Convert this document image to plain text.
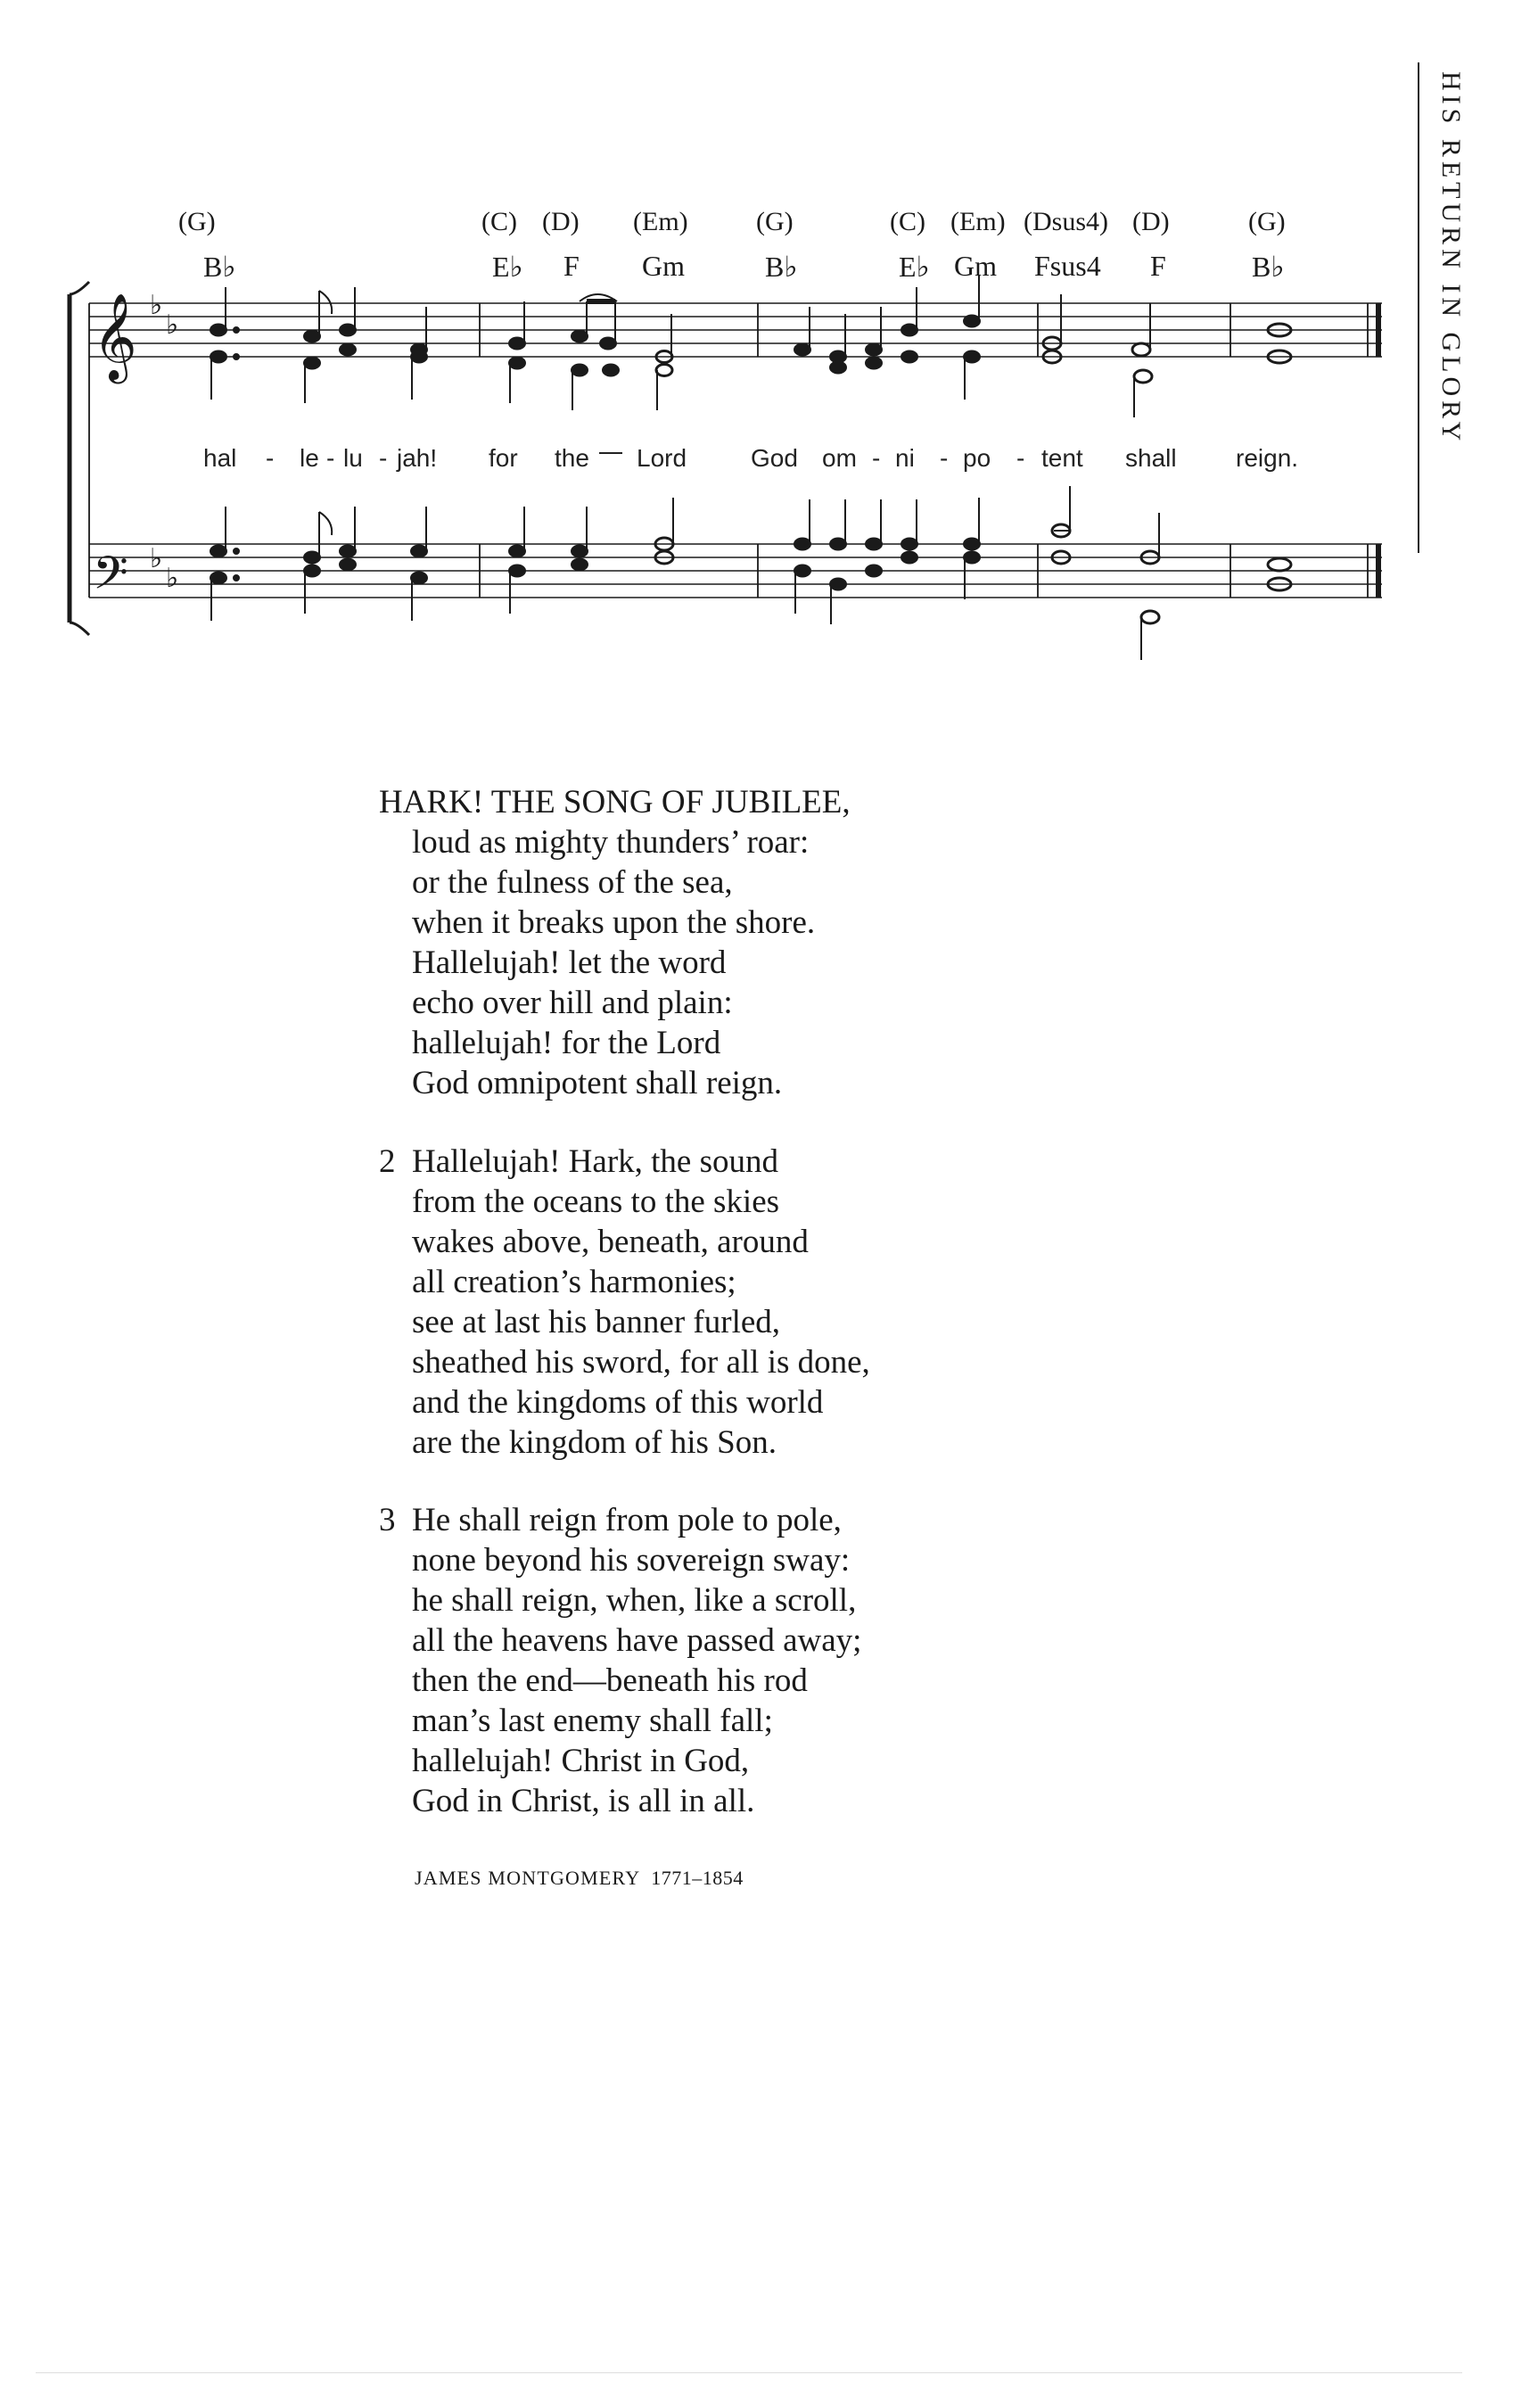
HIS RETURN IN GLORY
(G)	(C) (D) (Em)	(G)	(C) (Em) (Dsus4) (D)	(G)
B♭	E♭ F Gm	B♭	E♭ Gm Fsus4 F	B♭
𝄞
𝄢
♭
♭
♭
♭
hal - le - lu - jah! for the Lord	God om - ni - po - tent shall reign.
HARK! THE SONG OF JUBILEE,
loud as mighty thunders’ roar:
or the fulness of the sea,
when it breaks upon the shore.
Hallelujah! let the word
echo over hill and plain:
hallelujah! for the Lord
God omnipotent shall reign.
2 Hallelujah! Hark, the sound
from the oceans to the skies
wakes above, beneath, around
all creation’s harmonies;
see at last his banner furled,
sheathed his sword, for all is done,
and the kingdoms of this world
are the kingdom of his Son.
3 He shall reign from pole to pole,
none beyond his sovereign sway:
he shall reign, when, like a scroll,
all the heavens have passed away;
then the end—beneath his rod
man’s last enemy shall fall;
hallelujah! Christ in God,
God in Christ, is all in all.
JAMES MONTGOMERY 1771–1854
